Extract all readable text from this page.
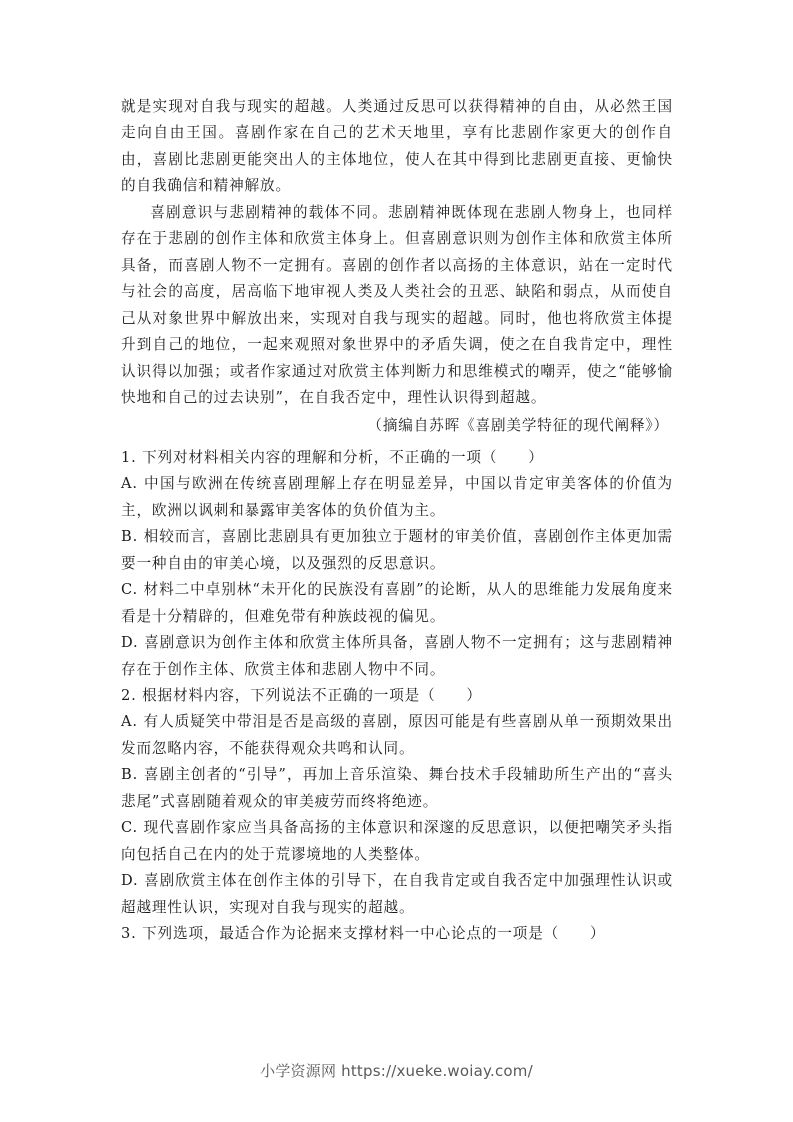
就是实现对自我与现实的超越。人类通过反思可以获得精神的自由，从必然王国走向自由王国。喜剧作家在自己的艺术天地里，享有比悲剧作家更大的创作自由，喜剧比悲剧更能突出人的主体地位，使人在其中得到比悲剧更直接、更愉快的自我确信和精神解放。

喜剧意识与悲剧精神的载体不同。悲剧精神既体现在悲剧人物身上，也同样存在于悲剧的创作主体和欣赏主体身上。但喜剧意识则为创作主体和欣赏主体所具备，而喜剧人物不一定拥有。喜剧的创作者以高扬的主体意识，站在一定时代与社会的高度，居高临下地审视人类及人类社会的丑恶、缺陷和弱点，从而使自己从对象世界中解放出来，实现对自我与现实的超越。同时，他也将欣赏主体提升到自己的地位，一起来观照对象世界中的矛盾失调，使之在自我肯定中，理性认识得以加强；或者作家通过对欣赏主体判断力和思维模式的嘲弄，使之“能够愉快地和自己的过去诀别”，在自我否定中，理性认识得到超越。

（摘编自苏晖《喜剧美学特征的现代阐释》）

1. 下列对材料相关内容的理解和分析，不正确的一项（　　）

A. 中国与欧洲在传统喜剧理解上存在明显差异，中国以肯定审美客体的价值为主，欧洲以讽刺和暴露审美客体的负价值为主。

B. 相较而言，喜剧比悲剧具有更加独立于题材的审美价值，喜剧创作主体更加需要一种自由的审美心境，以及强烈的反思意识。

C. 材料二中卓别林“未开化的民族没有喜剧”的论断，从人的思维能力发展角度来看是十分精辟的，但难免带有种族歧视的偏见。

D. 喜剧意识为创作主体和欣赏主体所具备，喜剧人物不一定拥有；这与悲剧精神存在于创作主体、欣赏主体和悲剧人物中不同。

2. 根据材料内容，下列说法不正确的一项是（　　）

A. 有人质疑笑中带泪是否是高级的喜剧，原因可能是有些喜剧从单一预期效果出发而忽略内容，不能获得观众共鸣和认同。

B. 喜剧主创者的“引导”，再加上音乐渲染、舞台技术手段辅助所生产出的“喜头悲尾”式喜剧随着观众的审美疲劳而终将绝迹。

C. 现代喜剧作家应当具备高扬的主体意识和深邃的反思意识，以便把嘲笑矛头指向包括自己在内的处于荒谬境地的人类整体。

D. 喜剧欣赏主体在创作主体的引导下，在自我肯定或自我否定中加强理性认识或超越理性认识，实现对自我与现实的超越。

3. 下列选项，最适合作为论据来支撑材料一中心论点的一项是（　　）

小学资源网 https://xueke.woiay.com/
